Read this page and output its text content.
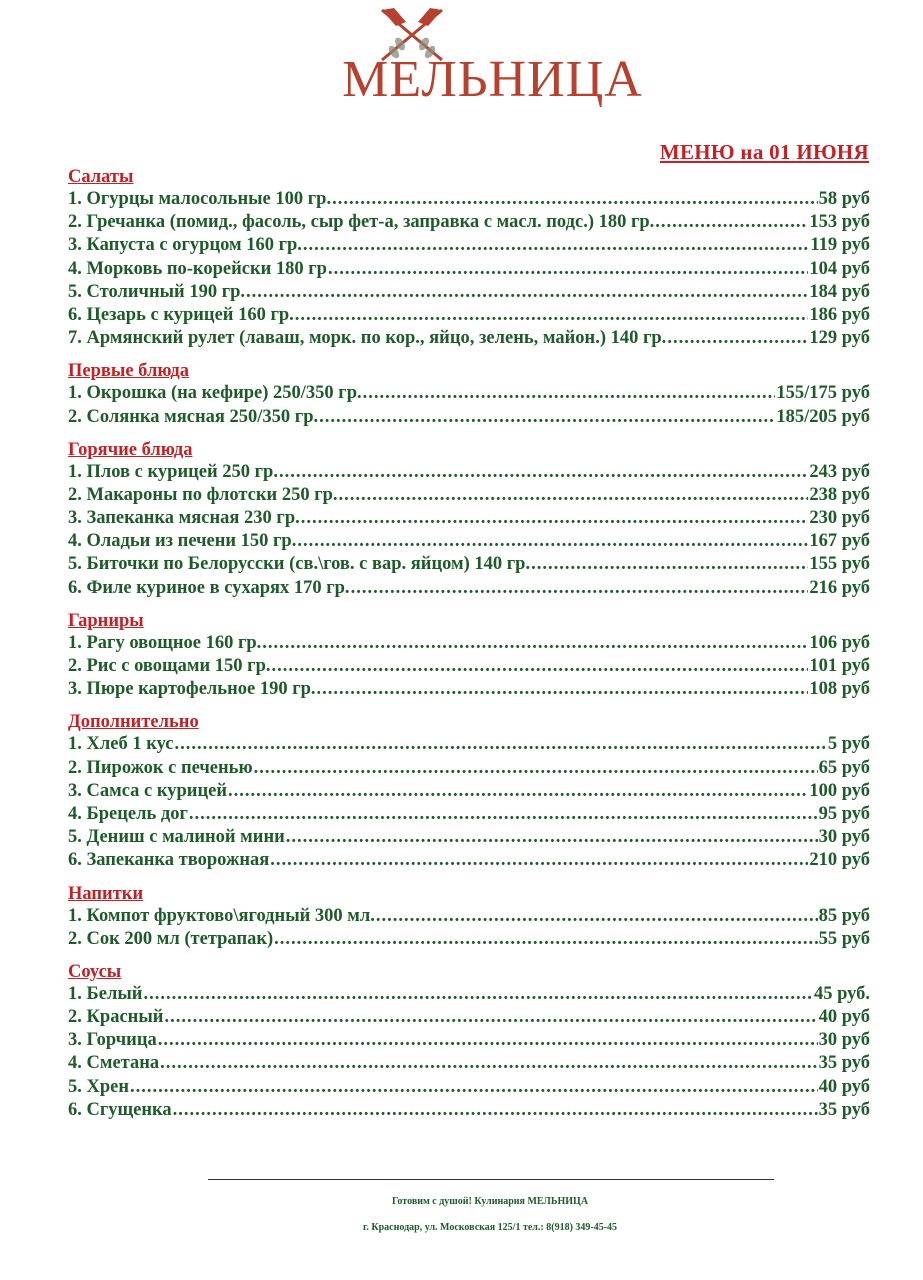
МЕЛЬНИЦА
МЕНЮ на 01 ИЮНЯ
Салаты
1. Огурцы малосольные 100 гр. .....	58 руб
2. Гречанка (помид., фасоль, сыр фет-а, заправка с масл. подс.) 180 гр. .....	153 руб
3. Капуста с огурцом 160 гр. .....	119 руб
4. Морковь по-корейски 180 гр .....	104 руб
5. Столичный 190 гр. .....	184 руб
6. Цезарь с курицей 160 гр. .....	186 руб
7. Армянский рулет (лаваш, морк. по кор., яйцо, зелень, майон.) 140 гр. .....	129 руб
Первые блюда
1. Окрошка (на кефире) 250/350 гр. .....	155/175 руб
2. Солянка мясная 250/350 гр. .....	185/205 руб
Горячие блюда
1. Плов с курицей 250 гр. .....	243 руб
2. Макароны по флотски 250 гр. .....	238 руб
3. Запеканка мясная 230 гр. .....	230 руб
4. Оладьи из печени 150 гр. .....	167 руб
5. Биточки по Белорусски (св.\гов. с вар. яйцом) 140 гр. .....	155 руб
6. Филе куриное в сухарях 170 гр. .....	216 руб
Гарниры
1. Рагу овощное 160 гр. .....	106 руб
2. Рис с овощами 150 гр. .....	101 руб
3. Пюре картофельное 190 гр. .....	108 руб
Дополнительно
1. Хлеб 1 кус .....	5 руб
2. Пирожок с печенью .....	65 руб
3. Самса с курицей .....	100 руб
4. Брецель дог .....	95 руб
5. Дениш с малиной мини .....	30 руб
6. Запеканка творожная .....	210 руб
Напитки
1. Компот фруктово\ягодный 300 мл. .....	85 руб
2. Сок 200 мл (тетрапак) .....	55 руб
Соусы
1. Белый .....	45 руб.
2. Красный .....	40 руб
3. Горчица .....	30 руб
4. Сметана .....	35 руб
5. Хрен .....	40 руб
6. Сгущенка .....	35 руб
Готовим с душой! Кулинария МЕЛЬНИЦА
г. Краснодар, ул. Московская 125/1 тел.: 8(918) 349-45-45
